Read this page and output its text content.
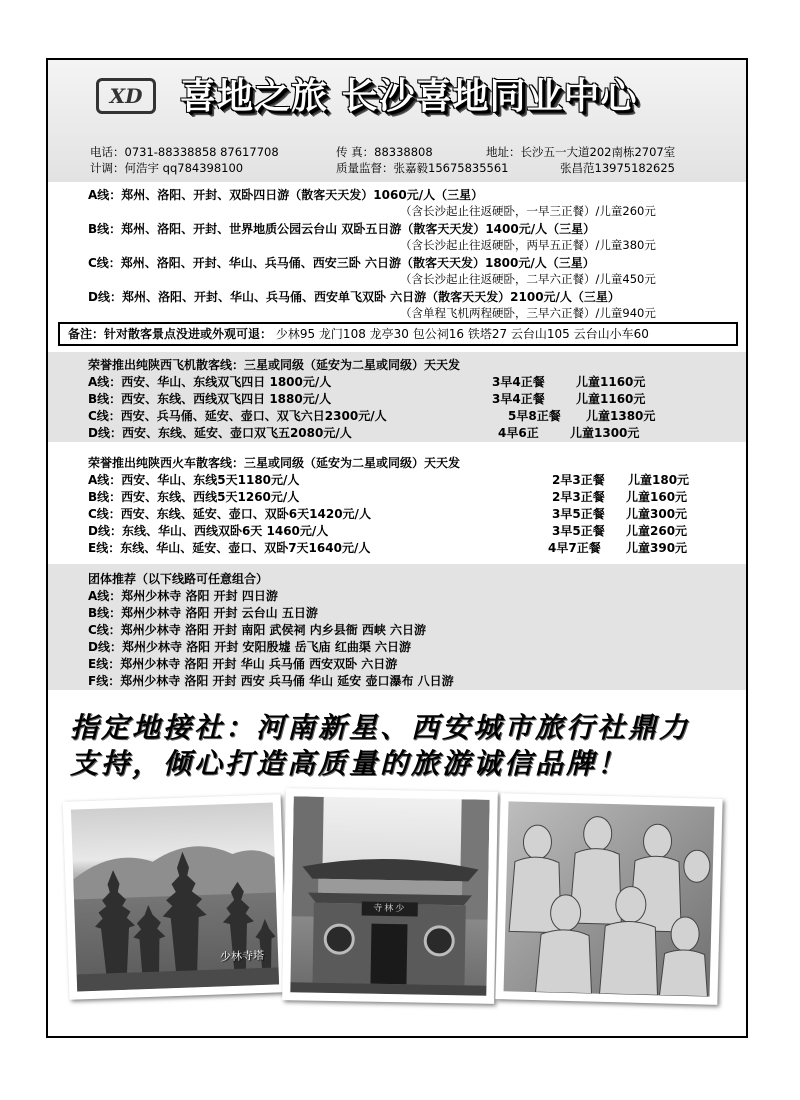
XD	喜地之旅 长沙喜地同业中心
电话：0731-88338858 87617708	传 真：88338808	地址：长沙五一大道202南栋2707室
计调：何浩宇 qq784398100	质量监督：张嘉毅15675835561	张昌范13975182625
A线：郑州、洛阳、开封、双卧四日游（散客天天发）1060元/人（三星）
（含长沙起止往返硬卧，一早三正餐）/儿童260元
B线：郑州、洛阳、开封、世界地质公园云台山 双卧五日游（散客天天发）1400元/人（三星）
（含长沙起止往返硬卧，两早五正餐）/儿童380元
C线：郑州、洛阳、开封、华山、兵马俑、西安三卧 六日游（散客天天发）1800元/人（三星）
（含长沙起止往返硬卧，二早六正餐）/儿童450元
D线：郑州、洛阳、开封、华山、兵马俑、西安单飞双卧 六日游（散客天天发）2100元/人（三星）
（含单程飞机两程硬卧，三早六正餐）/儿童940元
备注：针对散客景点没进或外观可退： 少林95 龙门108 龙亭30 包公祠16 铁塔27 云台山105 云台山小车60
荣誉推出纯陕西飞机散客线：三星或同级（延安为二星或同级）天天发
A线：西安、华山、东线双飞四日 1800元/人	3早4正餐	儿童1160元
B线：西安、东线、西线双飞四日 1880元/人	3早4正餐	儿童1160元
C线：西安、兵马俑、延安、壶口、双飞六日2300元/人	5早8正餐 儿童1380元
D线：西安、东线、延安、壶口双飞五2080元/人	4早6正	儿童1300元
荣誉推出纯陕西火车散客线：三星或同级（延安为二星或同级）天天发
A线：西安、华山、东线5天1180元/人	2早3正餐 儿童180元
B线：西安、东线、西线5天1260元/人	2早3正餐 儿童160元
C线：西安、东线、延安、壶口、双卧6天1420元/人	3早5正餐 儿童300元
D线：东线、华山、西线双卧6天 1460元/人	3早5正餐 儿童260元
E线：东线、华山、延安、壶口、双卧7天1640元/人	4早7正餐 儿童390元
团体推荐（以下线路可任意组合）
A线：郑州少林寺 洛阳 开封 四日游
B线：郑州少林寺 洛阳 开封 云台山 五日游
C线：郑州少林寺 洛阳 开封 南阳 武侯祠 内乡县衙 西峡 六日游
D线：郑州少林寺 洛阳 开封 安阳殷墟 岳飞庙 红曲渠 六日游
E线：郑州少林寺 洛阳 开封 华山 兵马俑 西安双卧 六日游
F线：郑州少林寺 洛阳 开封 西安 兵马俑 华山 延安 壶口瀑布 八日游
指定地接社：河南新星、西安城市旅行社鼎力
支持，倾心打造高质量的旅游诚信品牌！
少林寺塔
寺林少
